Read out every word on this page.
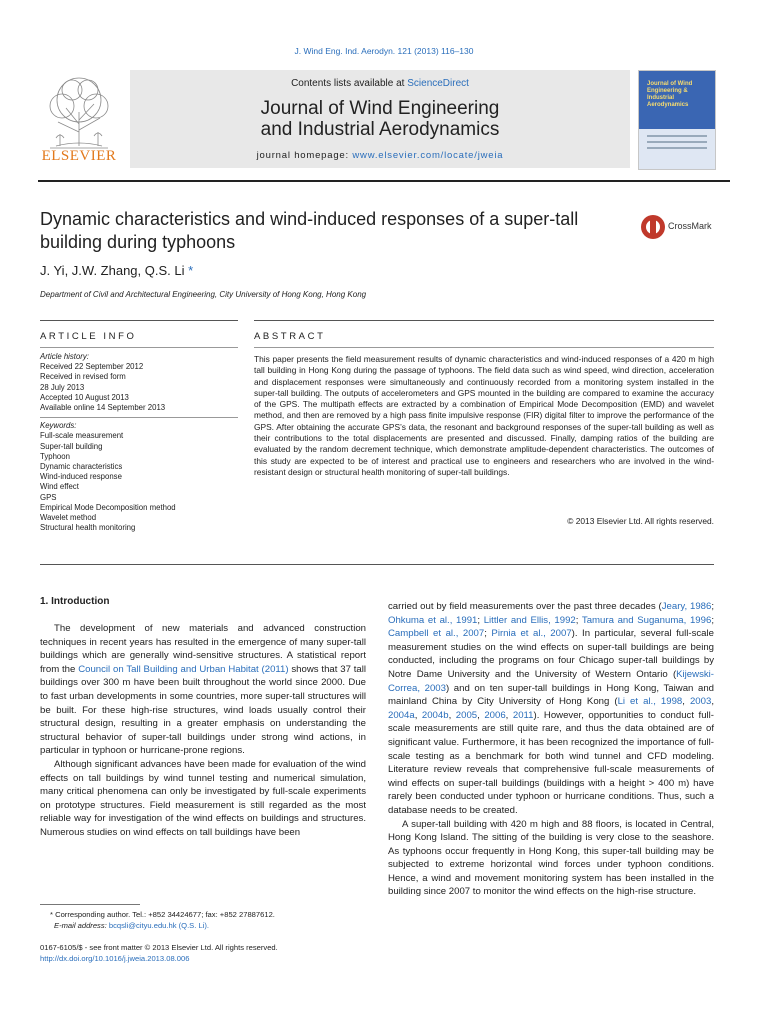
J. Wind Eng. Ind. Aerodyn. 121 (2013) 116–130
ELSEVIER
Contents lists available at ScienceDirect
Journal of Wind Engineering
and Industrial Aerodynamics
journal homepage: www.elsevier.com/locate/jweia
Journal of Wind Engineering & Industrial Aerodynamics
Dynamic characteristics and wind-induced responses of a super-tall building during typhoons
CrossMark
J. Yi, J.W. Zhang, Q.S. Li *
Department of Civil and Architectural Engineering, City University of Hong Kong, Hong Kong
ARTICLE INFO	ABSTRACT
Article history:
Received 22 September 2012
Received in revised form
28 July 2013
Accepted 10 August 2013
Available online 14 September 2013
Keywords:
Full-scale measurement
Super-tall building
Typhoon
Dynamic characteristics
Wind-induced response
Wind effect
GPS
Empirical Mode Decomposition method
Wavelet method
Structural health monitoring
This paper presents the field measurement results of dynamic characteristics and wind-induced responses of a 420 m high tall building in Hong Kong during the passage of typhoons. The field data such as wind speed, wind direction, acceleration and displacement responses were simultaneously and continuously recorded from a monitoring system installed in the super-tall building. The outputs of accelerometers and GPS mounted in the building are compared to examine the accuracy of the GPS. The multipath effects are extracted by a combination of Empirical Mode Decomposition (EMD) and wavelet method, and then are removed by a high pass finite impulsive response (FIR) digital filter to improve the performance of the GPS. After obtaining the accurate GPS’s data, the resonant and background responses of the super-tall building as well as their contributions to the total displacements are presented and discussed. Finally, damping ratios of the building are evaluated by the random decrement technique, which demonstrate amplitude-dependent characteristics. The outcomes of this study are expected to be of interest and practical use to engineers and researchers who are involved in the wind-resistant design or structural health monitoring of super-tall buildings.
© 2013 Elsevier Ltd. All rights reserved.
1. Introduction

The development of new materials and advanced construction techniques in recent years has resulted in the emergence of many super-tall buildings which are generally wind-sensitive structures. A statistical report from the Council on Tall Building and Urban Habitat (2011) shows that 37 tall buildings over 300 m have been built throughout the world since 2000. Due to fast urban developments in some countries, more super-tall structures will be built. For these high-rise structures, wind loads usually control their structural design, resulting in a greater emphasis on understanding the structural behavior of super-tall buildings under strong wind actions, in particular in typhoon or hurricane-prone regions.

Although significant advances have been made for evaluation of the wind effects on tall buildings by wind tunnel testing and numerical simulation, many critical phenomena can only be investigated by full-scale experiments on prototype structures. Field measurement is still regarded as the most reliable way for investigation of the wind effects on buildings and structures. Numerous studies on wind effects on tall buildings have been

carried out by field measurements over the past three decades (Jeary, 1986; Ohkuma et al., 1991; Littler and Ellis, 1992; Tamura and Suganuma, 1996; Campbell et al., 2007; Pirnia et al., 2007). In particular, several full-scale measurement studies on the wind effects on super-tall buildings are being conducted, including the programs on four Chicago super-tall buildings by Notre Dame University and the University of Western Ontario (Kijewski-Correa, 2003) and on ten super-tall buildings in Hong Kong, Taiwan and mainland China by City University of Hong Kong (Li et al., 1998, 2003, 2004a, 2004b, 2005, 2006, 2011). However, opportunities to conduct full-scale measurements are still quite rare, and thus the data obtained are of significant value. Furthermore, it has been recognized the importance of full-scale testing as a benchmark for both wind tunnel and CFD modeling. Literature review reveals that comprehensive full-scale measurements of wind effects on super-tall buildings (buildings with a height > 400 m) have rarely been conducted under typhoon or hurricane conditions. Thus, such a database needs to be created.

A super-tall building with 420 m high and 88 floors, is located in Central, Hong Kong Island. The sitting of the building is very close to the seashore. As typhoons occur frequently in Hong Kong, this super-tall building may be subjected to extreme horizontal wind forces under typhoon conditions. Hence, a wind and movement monitoring system has been installed in the building since 2007 to monitor the wind effects on the high-rise structure.

* Corresponding author. Tel.: +852 34424677; fax: +852 27887612.
E-mail address: bcqsli@cityu.edu.hk (Q.S. Li).
0167-6105/$ - see front matter © 2013 Elsevier Ltd. All rights reserved.
http://dx.doi.org/10.1016/j.jweia.2013.08.006
